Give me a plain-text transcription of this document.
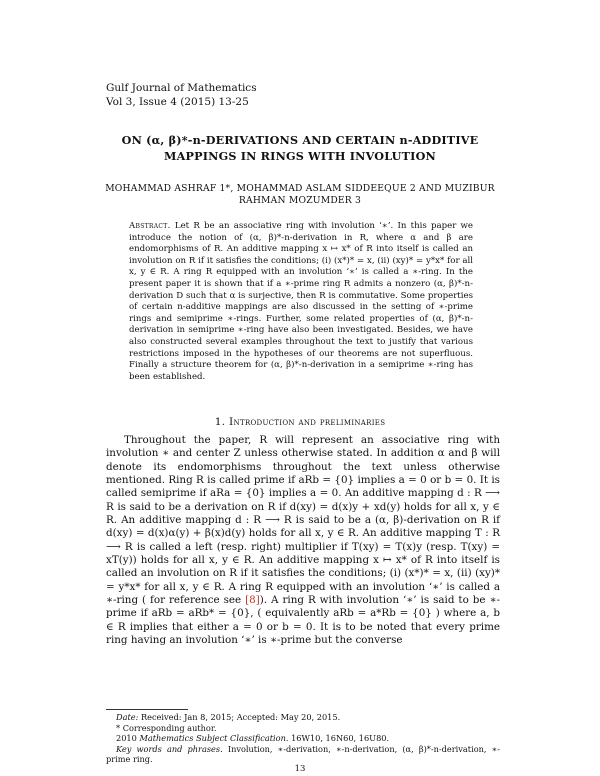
Gulf Journal of Mathematics
Vol 3, Issue 4 (2015) 13-25
ON (α, β)*-n-DERIVATIONS AND CERTAIN n-ADDITIVE MAPPINGS IN RINGS WITH INVOLUTION
MOHAMMAD ASHRAF 1*, MOHAMMAD ASLAM SIDDEEQUE 2 AND MUZIBUR RAHMAN MOZUMDER 3
Abstract. Let R be an associative ring with involution ‘∗’. In this paper we introduce the notion of (α, β)*-n-derivation in R, where α and β are endomorphisms of R. An additive mapping x ↦ x* of R into itself is called an involution on R if it satisfies the conditions; (i) (x*)* = x, (ii) (xy)* = y*x* for all x, y ∈ R. A ring R equipped with an involution ‘∗’ is called a ∗-ring. In the present paper it is shown that if a ∗-prime ring R admits a nonzero (α, β)*-n-derivation D such that α is surjective, then R is commutative. Some properties of certain n-additive mappings are also discussed in the setting of ∗-prime rings and semiprime ∗-rings. Further, some related properties of (α, β)*-n-derivation in semiprime ∗-ring have also been investigated. Besides, we have also constructed several examples throughout the text to justify that various restrictions imposed in the hypotheses of our theorems are not superfluous. Finally a structure theorem for (α, β)*-n-derivation in a semiprime ∗-ring has been established.
1. Introduction and preliminaries

Throughout the paper, R will represent an associative ring with involution ∗ and center Z unless otherwise stated. In addition α and β will denote its endomorphisms throughout the text unless otherwise mentioned. Ring R is called prime if aRb = {0} implies a = 0 or b = 0. It is called semiprime if aRa = {0} implies a = 0. An additive mapping d : R ⟶ R is said to be a derivation on R if d(xy) = d(x)y + xd(y) holds for all x, y ∈ R. An additive mapping d : R ⟶ R is said to be a (α, β)-derivation on R if d(xy) = d(x)α(y) + β(x)d(y) holds for all x, y ∈ R. An additive mapping T : R ⟶ R is called a left (resp. right) multiplier if T(xy) = T(x)y (resp. T(xy) = xT(y)) holds for all x, y ∈ R. An additive mapping x ↦ x* of R into itself is called an involution on R if it satisfies the conditions; (i) (x*)* = x, (ii) (xy)* = y*x* for all x, y ∈ R. A ring R equipped with an involution ‘∗’ is called a ∗-ring ( for reference see [8]). A ring R with involution ‘∗’ is said to be ∗-prime if aRb = aRb* = {0}, ( equivalently aRb = a*Rb = {0} ) where a, b ∈ R implies that either a = 0 or b = 0. It is to be noted that every prime ring having an involution ‘∗’ is ∗-prime but the converse

Date: Received: Jan 8, 2015; Accepted: May 20, 2015.
* Corresponding author.
2010 Mathematics Subject Classification. 16W10, 16N60, 16U80.
Key words and phrases. Involution, ∗-derivation, ∗-n-derivation, (α, β)*-n-derivation, ∗-prime ring.
13
